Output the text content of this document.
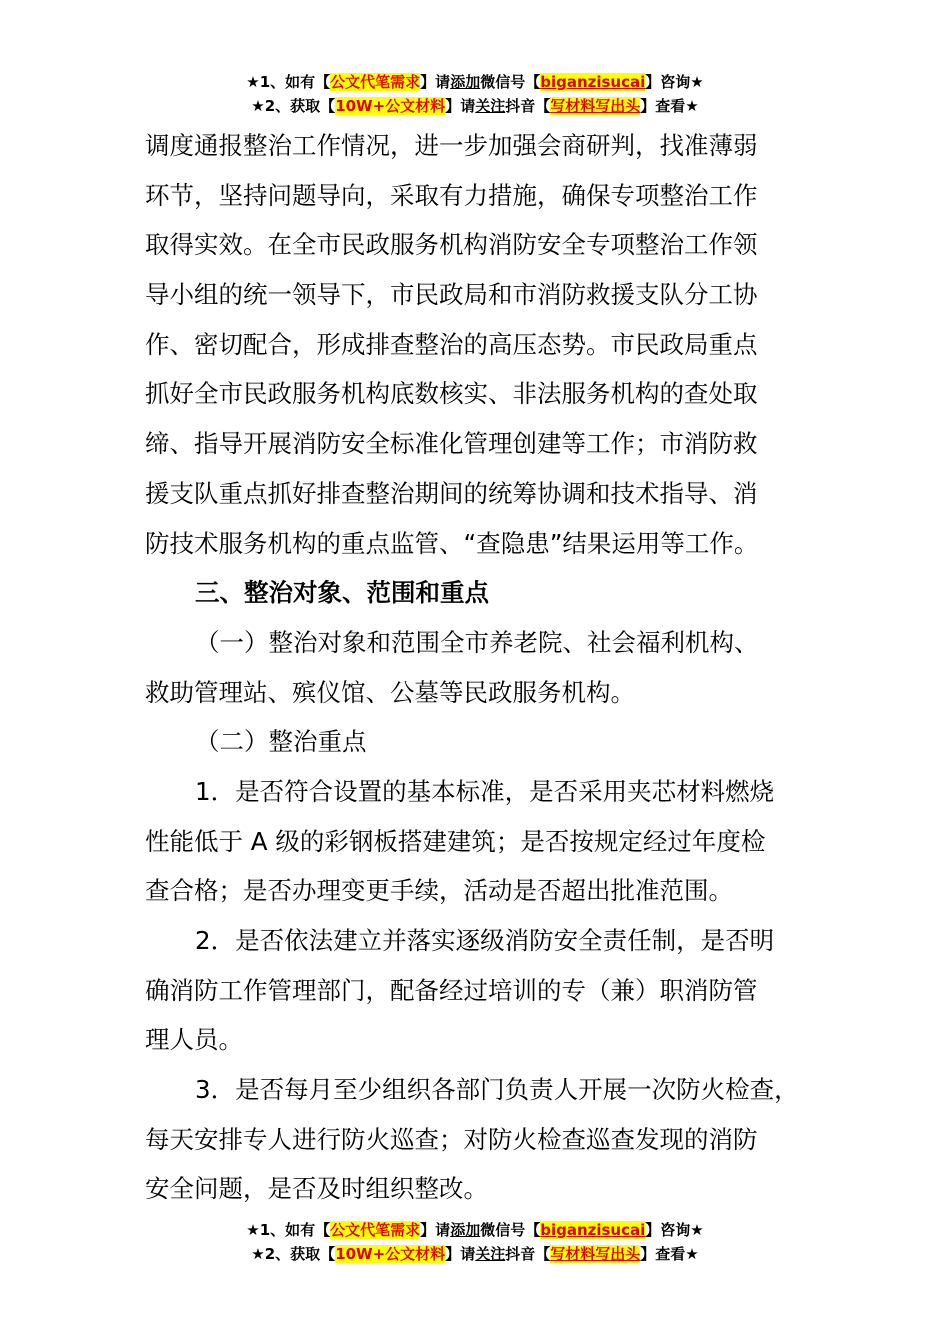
★1、如有【公文代笔需求】请添加微信号【biganzisucai】咨询★
★2、获取【10W+公文材料】请关注抖音【写材料写出头】查看★
调度通报整治工作情况，进一步加强会商研判，找准薄弱
环节，坚持问题导向，采取有力措施，确保专项整治工作
取得实效。在全市民政服务机构消防安全专项整治工作领
导小组的统一领导下，市民政局和市消防救援支队分工协
作、密切配合，形成排查整治的高压态势。市民政局重点
抓好全市民政服务机构底数核实、非法服务机构的查处取
缔、指导开展消防安全标准化管理创建等工作；市消防救
援支队重点抓好排查整治期间的统筹协调和技术指导、消
防技术服务机构的重点监管、“查隐患”结果运用等工作。
三、整治对象、范围和重点
（一）整治对象和范围全市养老院、社会福利机构、
救助管理站、殡仪馆、公墓等民政服务机构。
（二）整治重点
1．是否符合设置的基本标准，是否采用夹芯材料燃烧
性能低于 A 级的彩钢板搭建建筑；是否按规定经过年度检
查合格；是否办理变更手续，活动是否超出批准范围。
2．是否依法建立并落实逐级消防安全责任制，是否明
确消防工作管理部门，配备经过培训的专（兼）职消防管
理人员。
3．是否每月至少组织各部门负责人开展一次防火检查，
每天安排专人进行防火巡查；对防火检查巡查发现的消防
安全问题，是否及时组织整改。
★1、如有【公文代笔需求】请添加微信号【biganzisucai】咨询★
★2、获取【10W+公文材料】请关注抖音【写材料写出头】查看★
